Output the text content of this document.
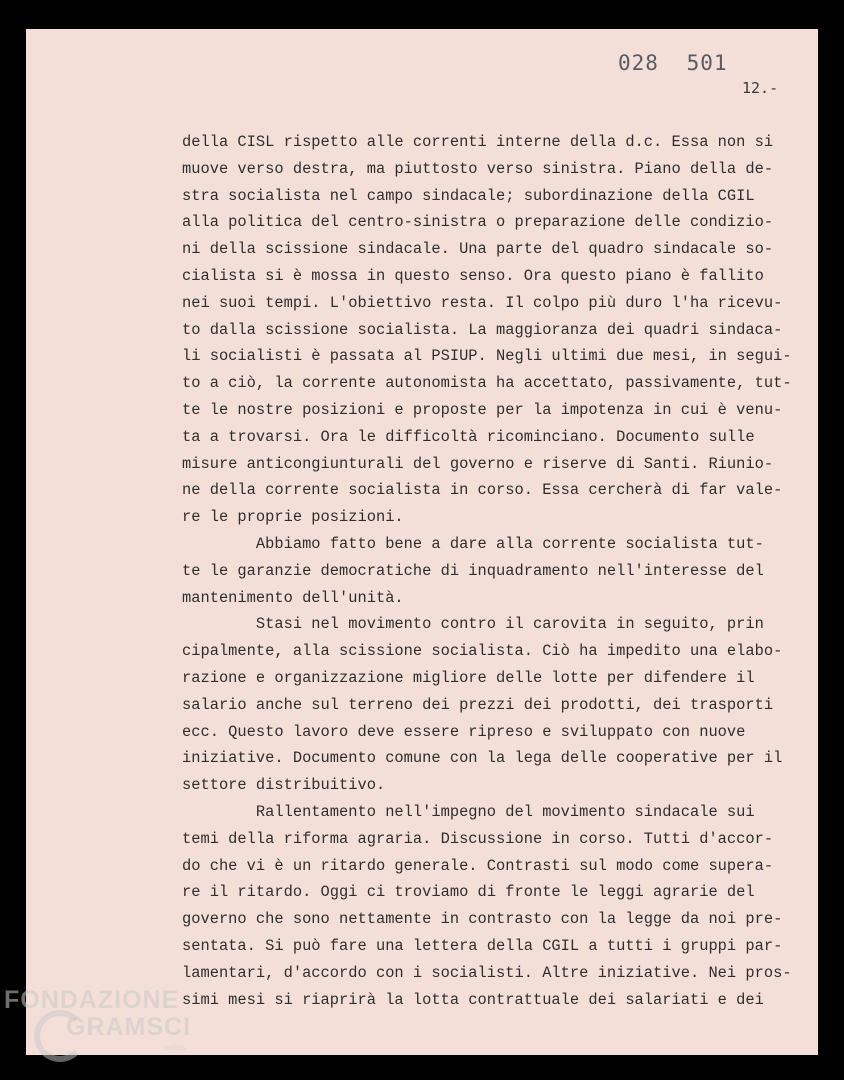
028 501
12.-
della CISL rispetto alle correnti interne della d.c. Essa non si
muove verso destra, ma piuttosto verso sinistra. Piano della de-
stra socialista nel campo sindacale; subordinazione della CGIL
alla politica del centro-sinistra o preparazione delle condizio-
ni della scissione sindacale. Una parte del quadro sindacale so-
cialista si è mossa in questo senso. Ora questo piano è fallito
nei suoi tempi. L'obiettivo resta. Il colpo più duro l'ha ricevu-
to dalla scissione socialista. La maggioranza dei quadri sindaca-
li socialisti è passata al PSIUP. Negli ultimi due mesi, in segui-
to a ciò, la corrente autonomista ha accettato, passivamente, tut-
te le nostre posizioni e proposte per la impotenza in cui è venu-
ta a trovarsi. Ora le difficoltà ricominciano. Documento sulle
misure anticongiunturali del governo e riserve di Santi. Riunio-
ne della corrente socialista in corso. Essa cercherà di far vale-
re le proprie posizioni.
Abbiamo fatto bene a dare alla corrente socialista tut-
te le garanzie democratiche di inquadramento nell'interesse del
mantenimento dell'unità.
Stasi nel movimento contro il carovita in seguito, prin
cipalmente, alla scissione socialista. Ciò ha impedito una elabo-
razione e organizzazione migliore delle lotte per difendere il
salario anche sul terreno dei prezzi dei prodotti, dei trasporti
ecc. Questo lavoro deve essere ripreso e sviluppato con nuove
iniziative. Documento comune con la lega delle cooperative per il
settore distribuitivo.
Rallentamento nell'impegno del movimento sindacale sui
temi della riforma agraria. Discussione in corso. Tutti d'accor-
do che vi è un ritardo generale. Contrasti sul modo come supera-
re il ritardo. Oggi ci troviamo di fronte le leggi agrarie del
governo che sono nettamente in contrasto con la legge da noi pre-
sentata. Si può fare una lettera della CGIL a tutti i gruppi par-
lamentari, d'accordo con i socialisti. Altre iniziative. Nei pros-
simi mesi si riaprirà la lotta contrattuale dei salariati e dei
FONDAZIONE
GRAMSCI
onlus
